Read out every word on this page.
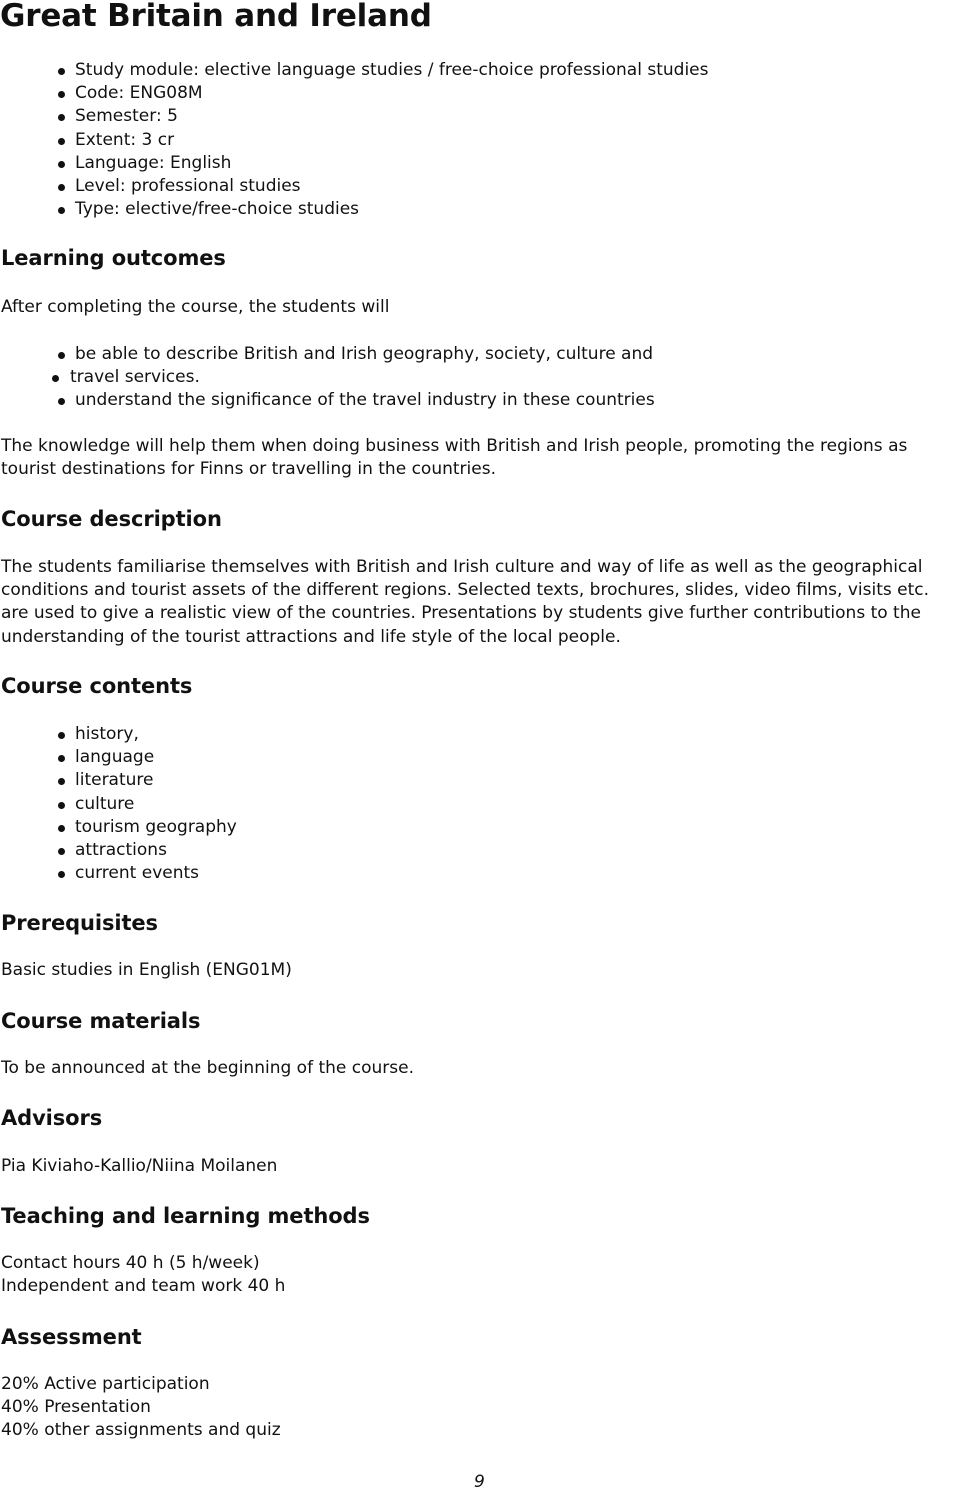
Great Britain and Ireland
Study module: elective language studies / free-choice professional studies
Code: ENG08M
Semester: 5
Extent: 3 cr
Language: English
Level: professional studies
Type: elective/free-choice studies
Learning outcomes

After completing the course, the students will

be able to describe British and Irish geography, society, culture and
travel services.
understand the significance of the travel industry in these countries

The knowledge will help them when doing business with British and Irish people, promoting the regions as tourist destinations for Finns or travelling in the countries.

Course description

The students familiarise themselves with British and Irish culture and way of life as well as the geographical conditions and tourist assets of the different regions. Selected texts, brochures, slides, video films, visits etc. are used to give a realistic view of the countries. Presentations by students give further contributions to the understanding of the tourist attractions and life style of the local people.

Course contents
history,
language
literature
culture
tourism geography
attractions
current events
Prerequisites

Basic studies in English (ENG01M)

Course materials

To be announced at the beginning of the course.

Advisors

Pia Kiviaho-Kallio/Niina Moilanen

Teaching and learning methods

Contact hours 40 h (5 h/week)

Independent and team work 40 h

Assessment

20% Active participation

40% Presentation

40% other assignments and quiz

9
